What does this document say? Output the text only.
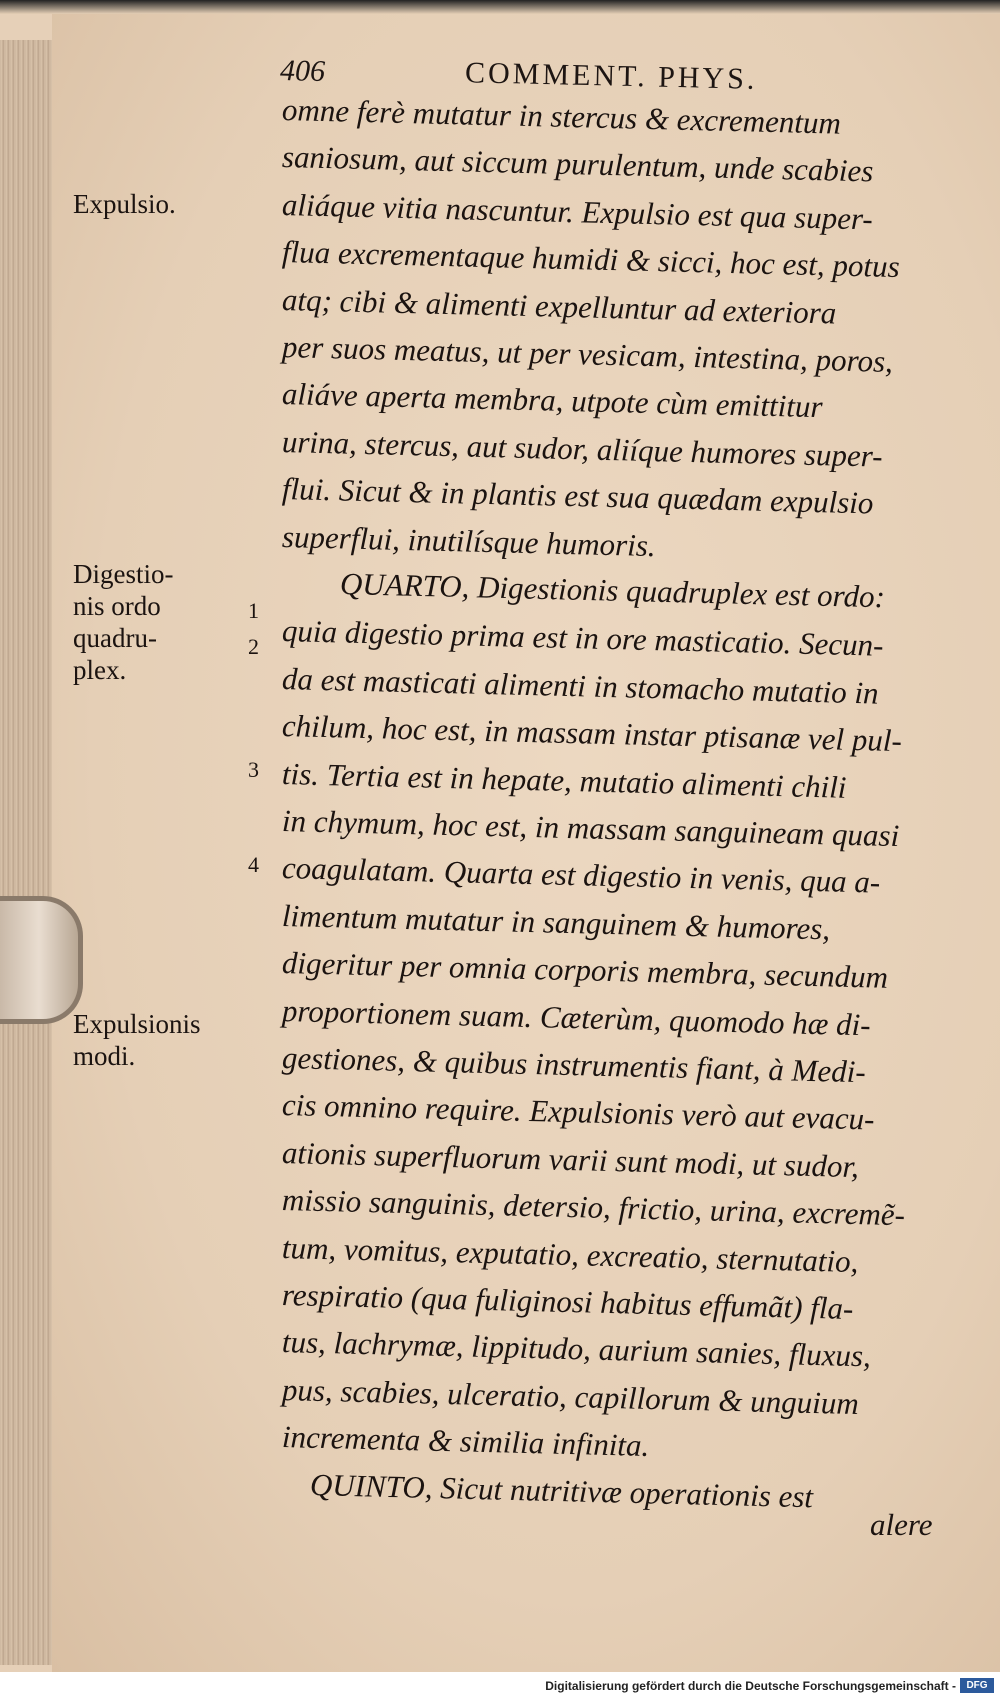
406	COMMENT. PHYS.
Expulsio.
Digestio-
nis ordo
quadru-
plex.
Expulsionis
modi.
1
2
3
4
omne ferè mutatur in stercus & excrementum
saniosum, aut siccum purulentum, unde scabies
aliáque vitia nascuntur. Expulsio est qua super-
flua excrementaque humidi & sicci, hoc est, potus
atq; cibi & alimenti expelluntur ad exteriora
per suos meatus, ut per vesicam, intestina, poros,
aliáve aperta membra, utpote cùm emittitur
urina, stercus, aut sudor, aliíque humores super-
flui. Sicut & in plantis est sua quædam expulsio
superflui, inutilísque humoris.
QUARTO, Digestionis quadruplex est ordo:
quia digestio prima est in ore masticatio. Secun-
da est masticati alimenti in stomacho mutatio in
chilum, hoc est, in massam instar ptisanæ vel pul-
tis. Tertia est in hepate, mutatio alimenti chili
in chymum, hoc est, in massam sanguineam quasi
coagulatam. Quarta est digestio in venis, qua a-
limentum mutatur in sanguinem & humores,
digeritur per omnia corporis membra, secundum
proportionem suam. Cæterùm, quomodo hæ di-
gestiones, & quibus instrumentis fiant, à Medi-
cis omnino require. Expulsionis verò aut evacu-
ationis superfluorum varii sunt modi, ut sudor,
missio sanguinis, detersio, frictio, urina, excremẽ-
tum, vomitus, exputatio, excreatio, sternutatio,
respiratio (qua fuliginosi habitus effumãt) fla-
tus, lachrymæ, lippitudo, aurium sanies, fluxus,
pus, scabies, ulceratio, capillorum & unguium
incrementa & similia infinita.
QUINTO, Sicut nutritivæ operationis est
alere
Digitalisierung gefördert durch die Deutsche Forschungsgemeinschaft -	DFG
